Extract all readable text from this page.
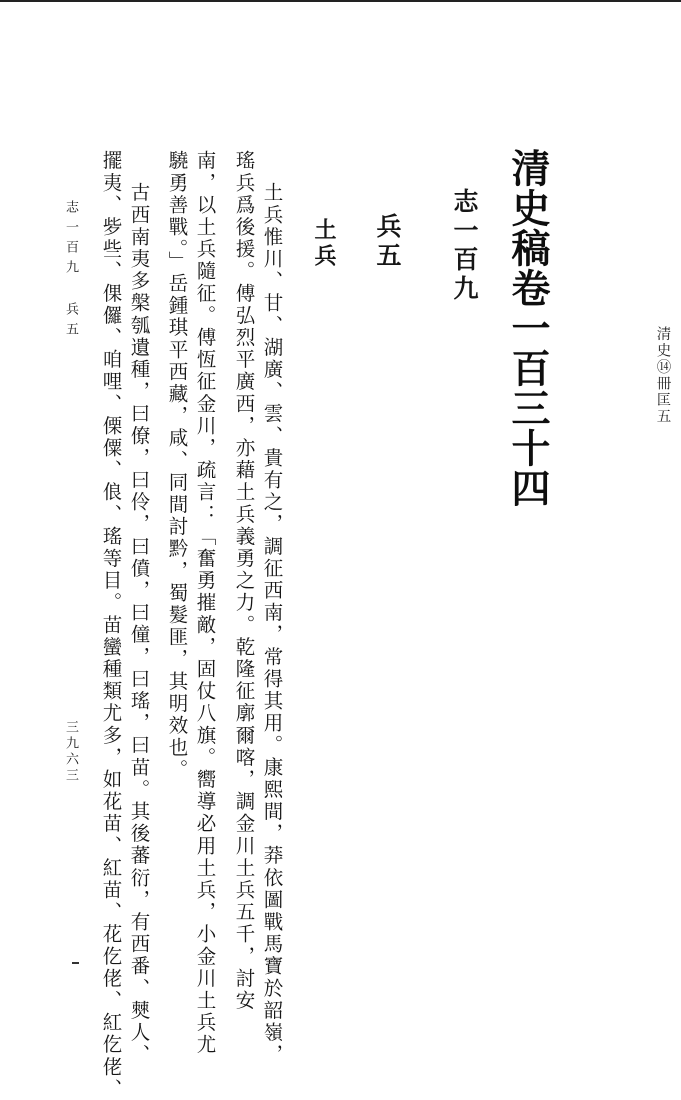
清史稿卷一百三十四
志一百九
兵五
土兵
土兵惟川、甘、湖廣、雲、貴有之，調征西南，常得其用。康熙間，莽依圖戰馬寶於韶嶺，
瑤兵爲後援。傅弘烈平廣西，亦藉土兵義勇之力。乾隆征廓爾喀，調金川土兵五千，討安
南，以土兵隨征。傅恆征金川，疏言：「奮勇摧敵，固仗八旗。嚮導必用土兵，小金川土兵尤
驍勇善戰。」岳鍾琪平西藏，咸、同間討黔，蜀髮匪，其明效也。
古西南夷多槃瓠遺種，曰僚，曰伶，曰僨，曰僮，曰瑤，曰苗。其後蕃衍，有西番、僰人、
擺夷、㱔些、倮儸、咱哩、傈僳、俍、瑤等目。苗蠻種類尤多，如花苗、紅苗、花仡佬、紅仡佬、	清史⑭冊匡五
志一百九
兵五
三九六三
